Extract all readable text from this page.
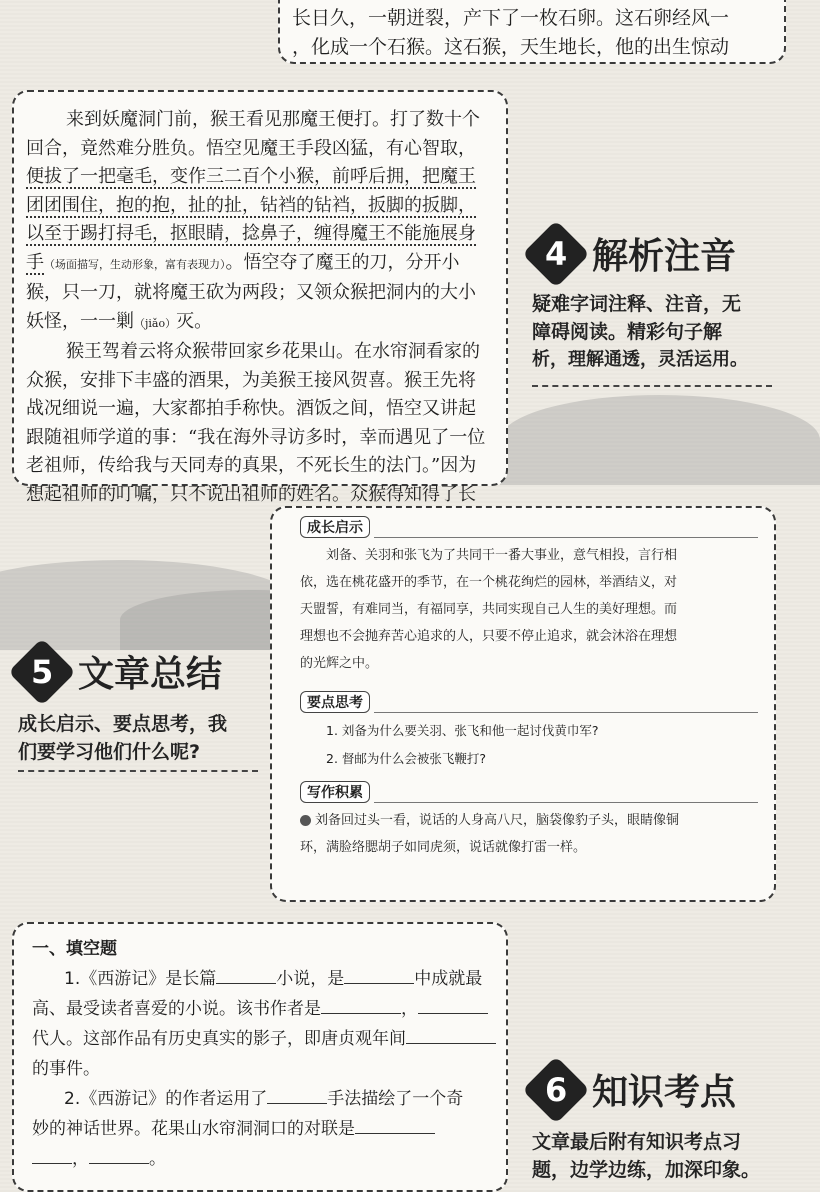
长日久，一朝迸裂，产下了一枚石卵。这石卵经风一

，化成一个石猴。这石猴，天生地长，他的出生惊动

来到妖魔洞门前，猴王看见那魔王便打。打了数十个

回合，竟然难分胜负。悟空见魔王手段凶猛，有心智取，

便拔了一把毫毛，变作三二百个小猴，前呼后拥，把魔王

团团围住，抱的抱，扯的扯，钻裆的钻裆，扳脚的扳脚，

以至于踢打挦毛，抠眼睛，捻鼻子，缠得魔王不能施展身

手（场面描写，生动形象，富有表现力）。悟空夺了魔王的刀，分开小

猴，只一刀，就将魔王砍为两段；又领众猴把洞内的大小

妖怪，一一剿（jiǎo）灭。

猴王驾着云将众猴带回家乡花果山。在水帘洞看家的

众猴，安排下丰盛的酒果，为美猴王接风贺喜。猴王先将

战况细说一遍，大家都拍手称快。酒饭之间，悟空又讲起

跟随祖师学道的事：“我在海外寻访多时，幸而遇见了一位

老祖师，传给我与天同寿的真果，不死长生的法门。”因为

想起祖师的叮嘱，只不说出祖师的姓名。众猴得知得了长

4 解析注音
疑难字词注释、注音，无
障碍阅读。精彩句子解
析，理解通透，灵活运用。
成长启示
刘备、关羽和张飞为了共同干一番大事业，意气相投，言行相
依，选在桃花盛开的季节，在一个桃花绚烂的园林，举酒结义，对
天盟誓，有难同当，有福同享，共同实现自己人生的美好理想。而
理想也不会抛弃苦心追求的人，只要不停止追求，就会沐浴在理想
的光辉之中。
要点思考
1. 刘备为什么要关羽、张飞和他一起讨伐黄巾军?
2. 督邮为什么会被张飞鞭打?
写作积累
刘备回过头一看，说话的人身高八尺，脑袋像豹子头，眼睛像铜
环，满脸络腮胡子如同虎须，说话就像打雷一样。
5 文章总结
成长启示、要点思考，我
们要学习他们什么呢?
一、填空题
1.《西游记》是长篇	小说，是	中成就最
高、最受读者喜爱的小说。该书作者是	，
代人。这部作品有历史真实的影子，即唐贞观年间
的事件。
2.《西游记》的作者运用了	手法描绘了一个奇
妙的神话世界。花果山水帘洞洞口的对联是
，	。
6 知识考点
文章最后附有知识考点习
题，边学边练，加深印象。
